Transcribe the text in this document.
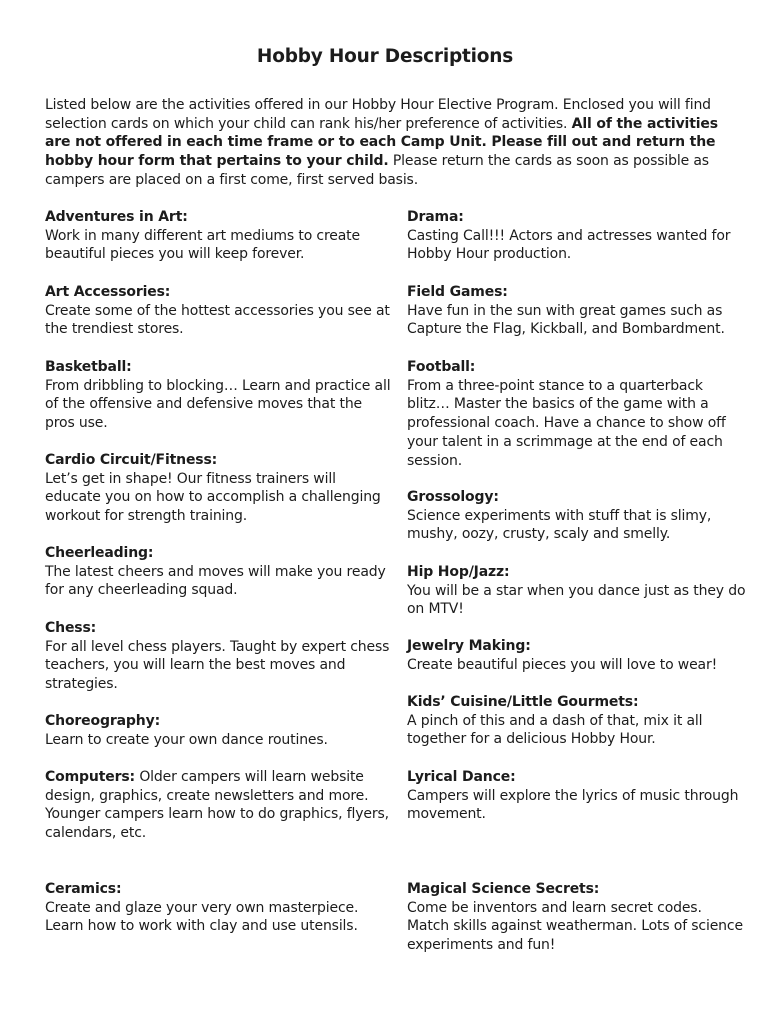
Hobby Hour Descriptions
Listed below are the activities offered in our Hobby Hour Elective Program. Enclosed you will find selection cards on which your child can rank his/her preference of activities. All of the activities are not offered in each time frame or to each Camp Unit. Please fill out and return the hobby hour form that pertains to your child. Please return the cards as soon as possible as campers are placed on a first come, first served basis.
Adventures in Art:
Work in many different art mediums to create beautiful pieces you will keep forever.
Art Accessories:
Create some of the hottest accessories you see at the trendiest stores.
Basketball:
From dribbling to blocking… Learn and practice all of the offensive and defensive moves that the pros use.
Cardio Circuit/Fitness:
Let’s get in shape! Our fitness trainers will educate you on how to accomplish a challenging workout for strength training.
Cheerleading:
The latest cheers and moves will make you ready for any cheerleading squad.
Chess:
For all level chess players. Taught by expert chess teachers, you will learn the best moves and strategies.
Choreography:
Learn to create your own dance routines.
Computers: Older campers will learn website design, graphics, create newsletters and more. Younger campers learn how to do graphics, flyers, calendars, etc.
Ceramics:
Create and glaze your very own masterpiece. Learn how to work with clay and use utensils.
Drama:
Casting Call!!! Actors and actresses wanted for Hobby Hour production.
Field Games:
Have fun in the sun with great games such as Capture the Flag, Kickball, and Bombardment.
Football:
From a three-point stance to a quarterback blitz… Master the basics of the game with a professional coach. Have a chance to show off your talent in a scrimmage at the end of each session.
Grossology:
Science experiments with stuff that is slimy, mushy, oozy, crusty, scaly and smelly.
Hip Hop/Jazz:
You will be a star when you dance just as they do on MTV!
Jewelry Making:
Create beautiful pieces you will love to wear!
Kids’ Cuisine/Little Gourmets:
A pinch of this and a dash of that, mix it all together for a delicious Hobby Hour.
Lyrical Dance:
Campers will explore the lyrics of music through movement.
Magical Science Secrets:
Come be inventors and learn secret codes. Match skills against weatherman. Lots of science experiments and fun!
